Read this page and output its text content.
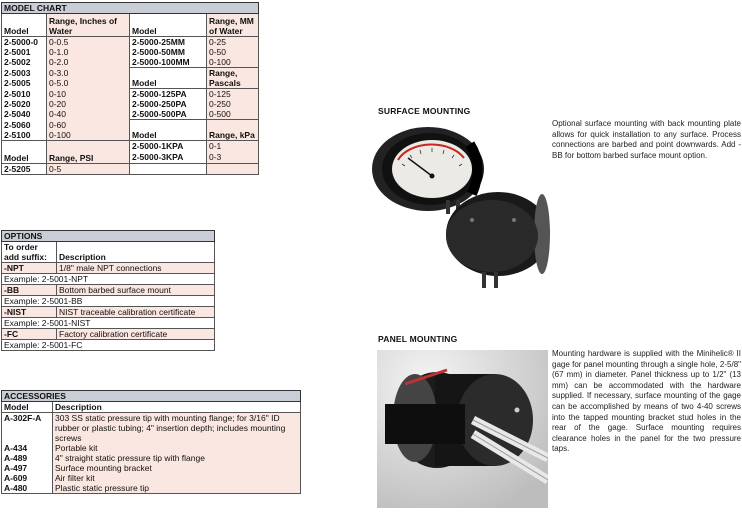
MODEL CHART			
Model	Range, Inches of Water	Model	Range, MM of Water
2-5000-0	0-0.5	2-5000-25MM	0-25
2-5001	0-1.0	2-5000-50MM	0-50
2-5002	0-2.0	2-5000-100MM	0-100
2-5003	0-3.0	Model	Range, Pascals
2-5005	0-5.0		
2-5010	0-10	2-5000-125PA	0-125
2-5020	0-20	2-5000-250PA	0-250
2-5040	0-40	2-5000-500PA	0-500
2-5060	0-60	Model	Range, kPa
2-5100	0-100		
Model	Range, PSI	2-5000-1KPA	0-1
		2-5000-3KPA	0-3
2-5205	0-5		
OPTIONS	
To order add suffix:	Description
-NPT	1/8" male NPT connections
Example: 2-5001-NPT	
-BB	Bottom barbed surface mount
Example: 2-5001-BB	
-NIST	NIST traceable calibration certificate
Example: 2-5001-NIST	
-FC	Factory calibration certificate
Example: 2-5001-FC	
ACCESSORIES	
Model	Description
A-302F-A	303 SS static pressure tip with mounting flange; for 3/16" ID rubber or plastic tubing; 4" insertion depth; includes mounting screws
A-434	Portable kit
A-489	4" straight static pressure tip with flange
A-497	Surface mounting bracket
A-609	Air filter kit
A-480	Plastic static pressure tip
SURFACE MOUNTING
Optional surface mounting with back mounting plate allows for quick installation to any surface. Process connections are barbed and point downwards. Add -BB for bottom barbed surface mount option.
PANEL MOUNTING
Mounting hardware is supplied with the Minihelic® II gage for panel mounting through a single hole, 2-5/8" (67 mm) in diameter. Panel thickness up to 1/2" (13 mm) can be accommodated with the hardware supplied. If necessary, surface mounting of the gage can be accomplished by means of two 4-40 screws into the tapped mounting bracket stud holes in the rear of the gage. Surface mounting requires clearance holes in the panel for the two pressure taps.
